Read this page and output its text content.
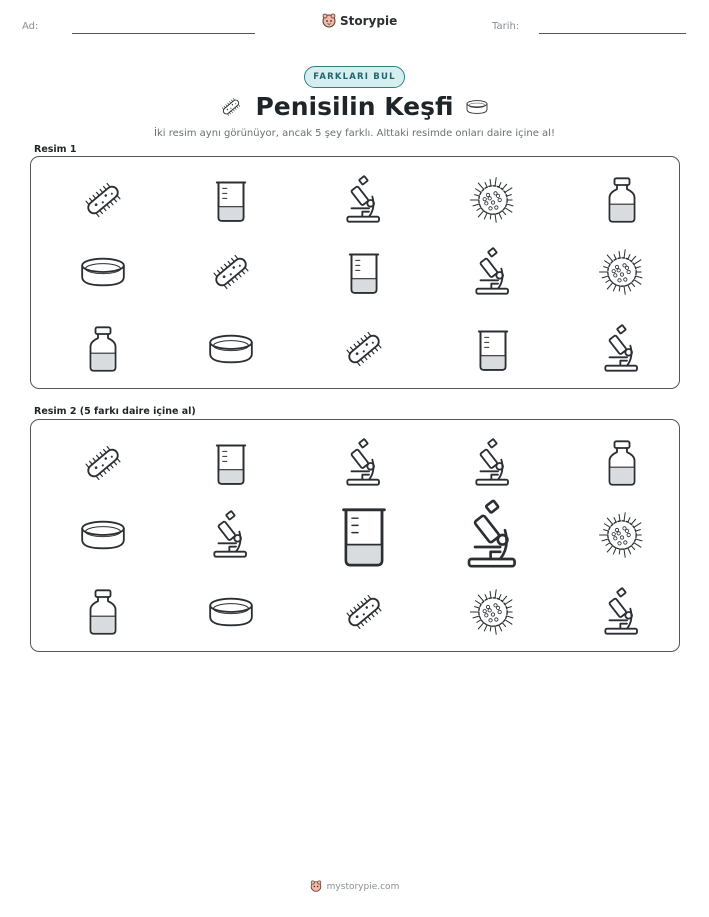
Ad:	Storypie	Tarih:
FARKLARI BUL
Penisilin Keşfi
İki resim aynı görünüyor, ancak 5 şey farklı. Alttaki resimde onları daire içine al!
Resim 1
Resim 2 (5 farkı daire içine al)
mystorypie.com
